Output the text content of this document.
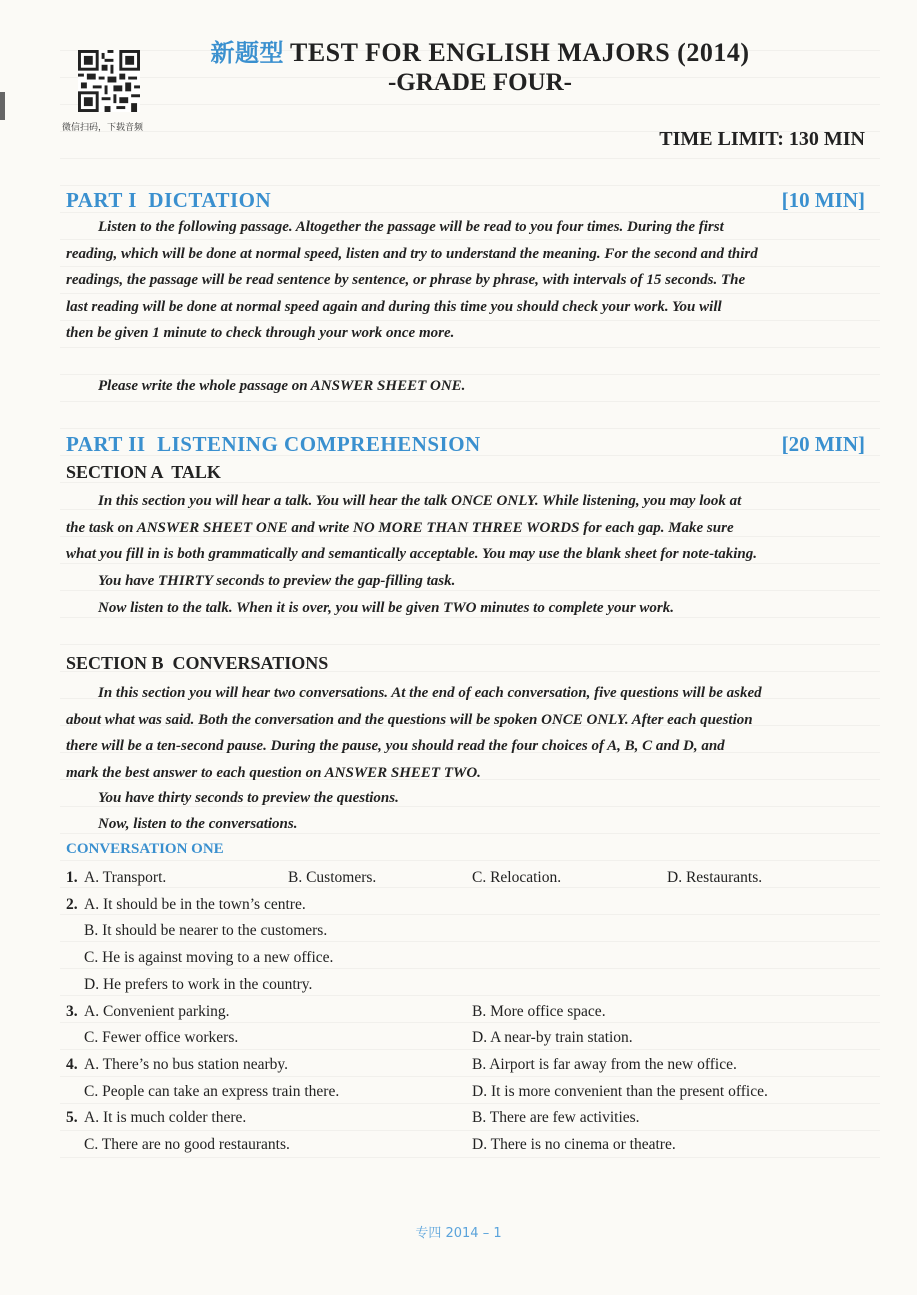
微信扫码，下载音频
新题型 TEST FOR ENGLISH MAJORS (2014)
-GRADE FOUR-
TIME LIMIT: 130 MIN
PART I  DICTATION	[10 MIN]
Listen to the following passage. Altogether the passage will be read to you four times. During the first
reading, which will be done at normal speed, listen and try to understand the meaning. For the second and third
readings, the passage will be read sentence by sentence, or phrase by phrase, with intervals of 15 seconds. The
last reading will be done at normal speed again and during this time you should check your work. You will
then be given 1 minute to check through your work once more.
Please write the whole passage on ANSWER SHEET ONE.
PART II  LISTENING COMPREHENSION	[20 MIN]
SECTION A  TALK
In this section you will hear a talk. You will hear the talk ONCE ONLY. While listening, you may look at
the task on ANSWER SHEET ONE and write NO MORE THAN THREE WORDS for each gap. Make sure
what you fill in is both grammatically and semantically acceptable. You may use the blank sheet for note-taking.
You have THIRTY seconds to preview the gap-filling task.
Now listen to the talk. When it is over, you will be given TWO minutes to complete your work.
SECTION B  CONVERSATIONS
In this section you will hear two conversations. At the end of each conversation, five questions will be asked
about what was said. Both the conversation and the questions will be spoken ONCE ONLY. After each question
there will be a ten-second pause. During the pause, you should read the four choices of A, B, C and D, and
mark the best answer to each question on ANSWER SHEET TWO.
You have thirty seconds to preview the questions.
Now, listen to the conversations.
CONVERSATION ONE
1. A. Transport.	B. Customers.	C. Relocation.	D. Restaurants.
2. A. It should be in the town’s centre.
B. It should be nearer to the customers.
C. He is against moving to a new office.
D. He prefers to work in the country.
3. A. Convenient parking.	B. More office space.
C. Fewer office workers.	D. A near-by train station.
4. A. There’s no bus station nearby.	B. Airport is far away from the new office.
C. People can take an express train there.	D. It is more convenient than the present office.
5. A. It is much colder there.	B. There are few activities.
C. There are no good restaurants.	D. There is no cinema or theatre.
专四 2014 – 1
